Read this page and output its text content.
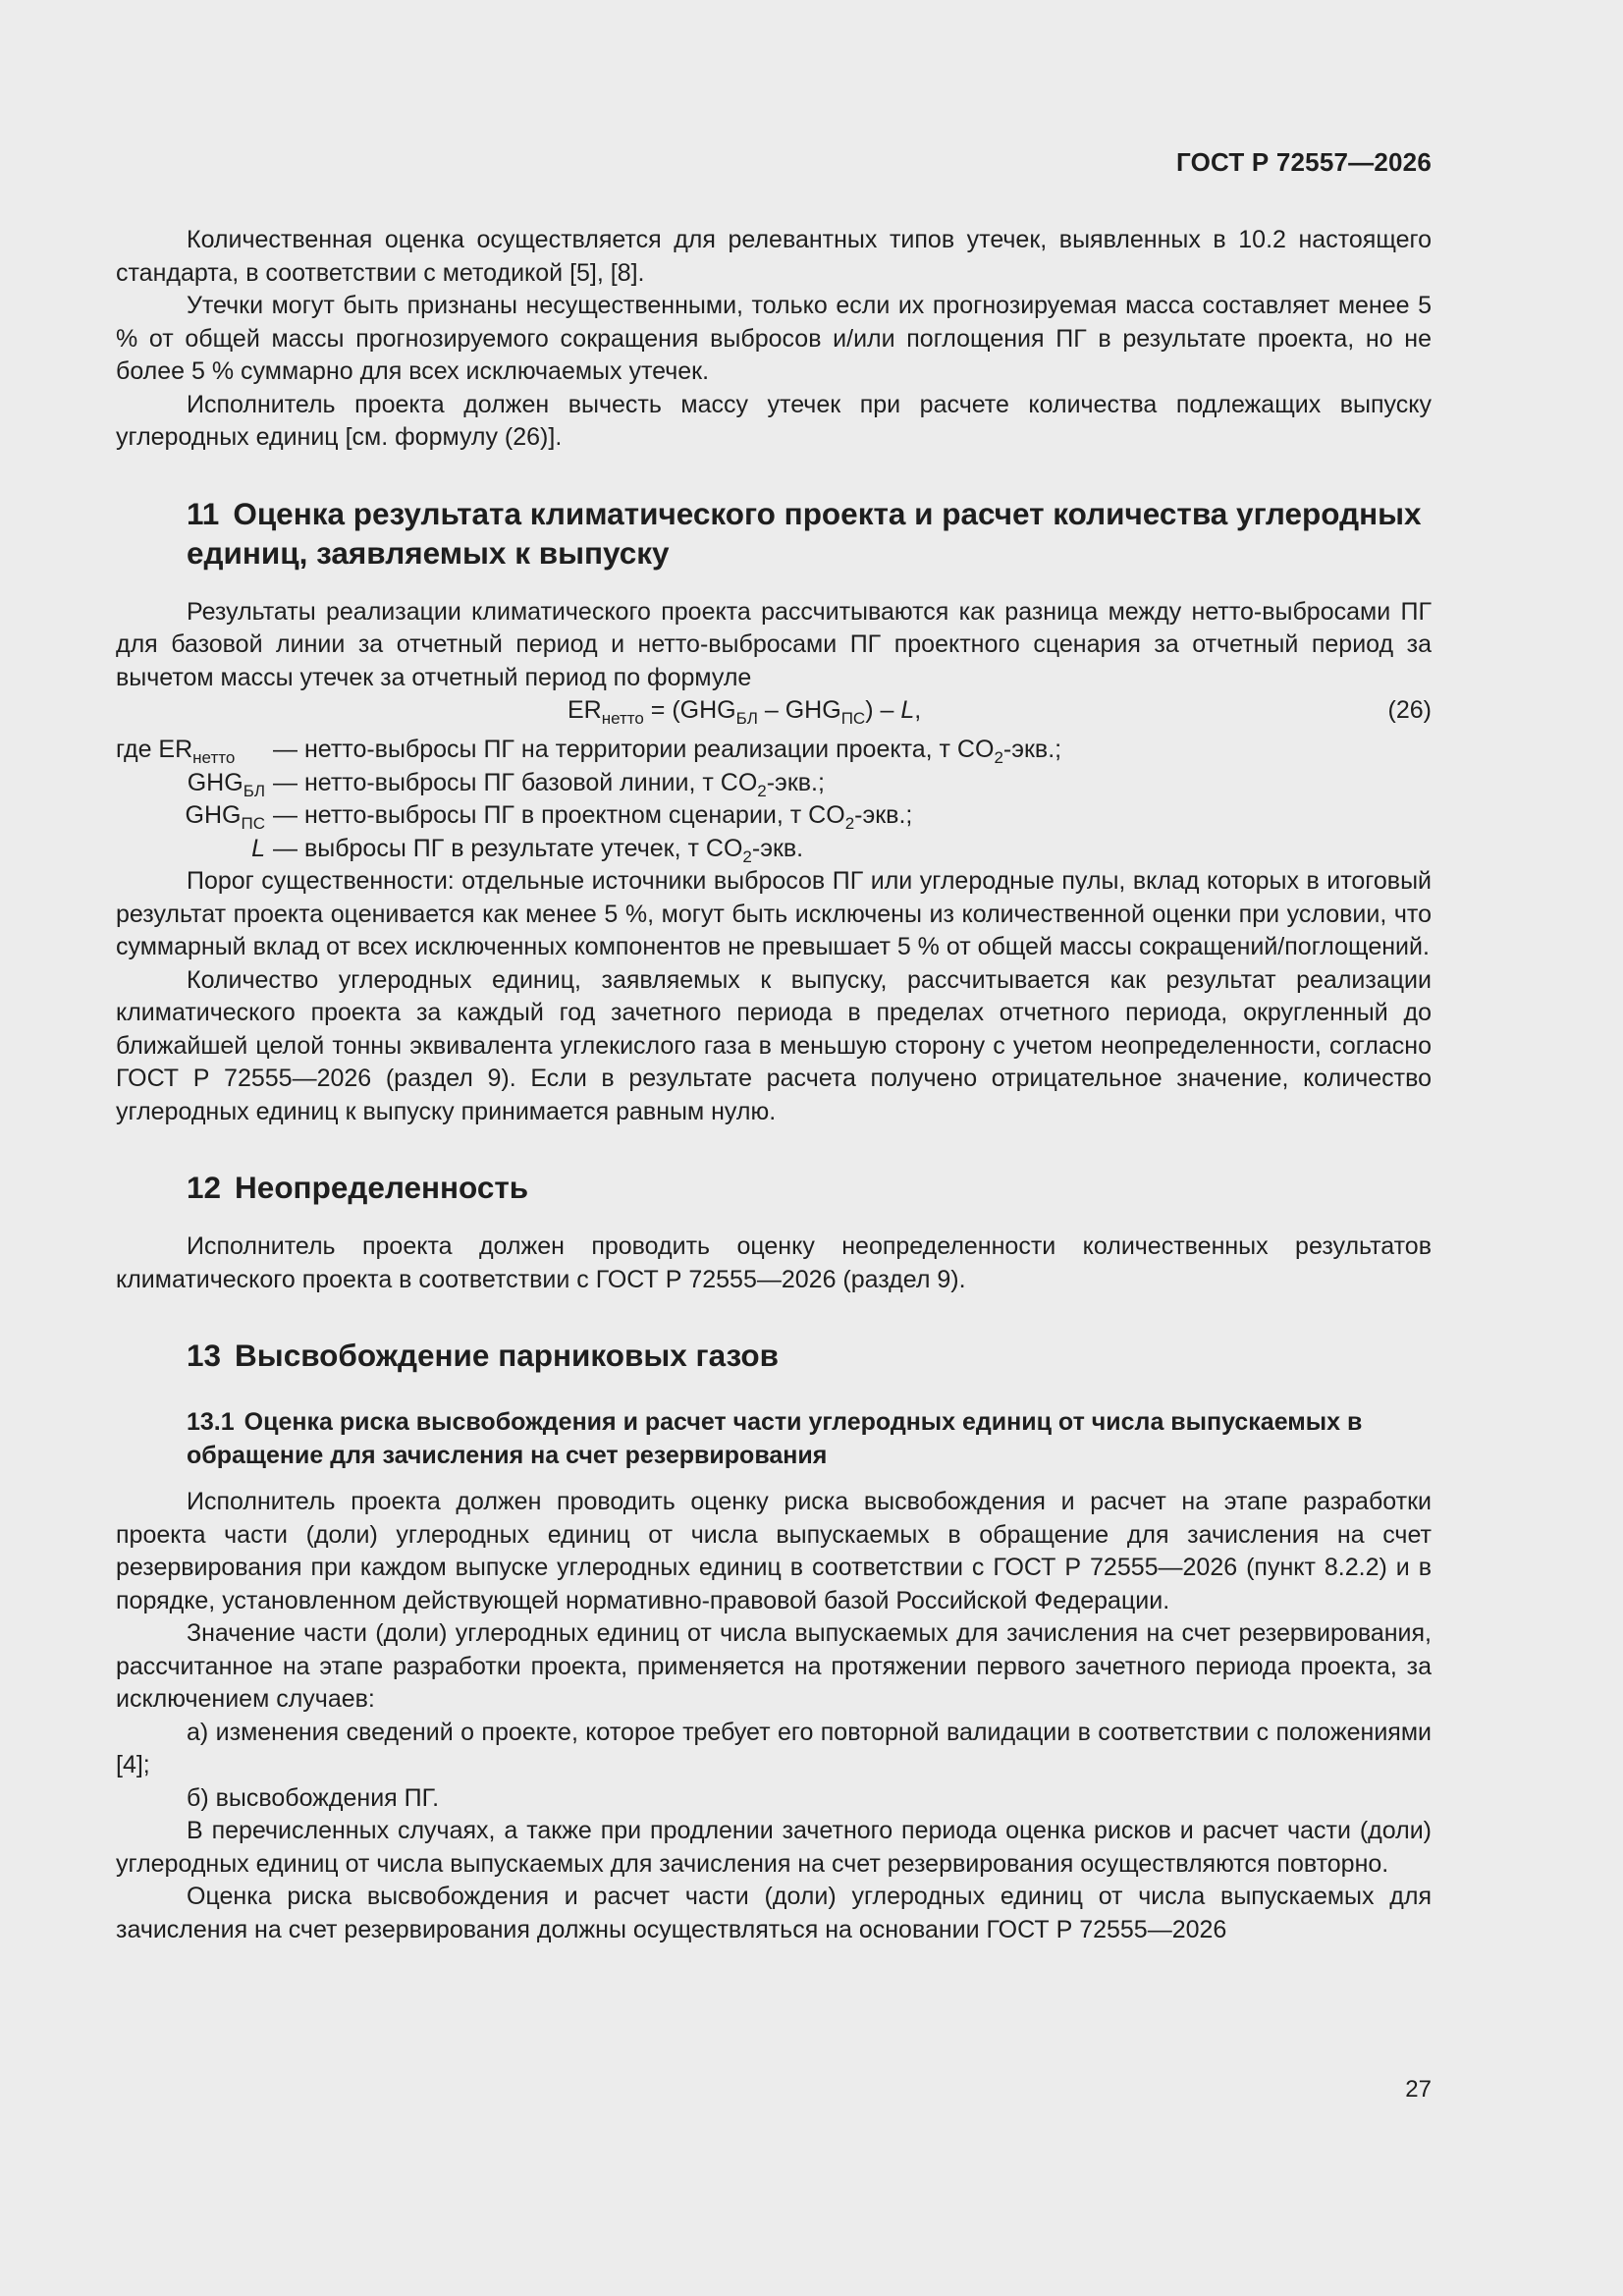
ГОСТ Р 72557—2026

Количественная оценка осуществляется для релевантных типов утечек, выявленных в 10.2 настоящего стандарта, в соответствии с методикой [5], [8].

Утечки могут быть признаны несущественными, только если их прогнозируемая масса составляет менее 5 % от общей массы прогнозируемого сокращения выбросов и/или поглощения ПГ в результате проекта, но не более 5 % суммарно для всех исключаемых утечек.

Исполнитель проекта должен вычесть массу утечек при расчете количества подлежащих выпуску углеродных единиц [см. формулу (26)].

11 Оценка результата климатического проекта и расчет количества углеродных единиц, заявляемых к выпуску

Результаты реализации климатического проекта рассчитываются как разница между нетто-выбросами ПГ для базовой линии за отчетный период и нетто-выбросами ПГ проектного сценария за отчетный период за вычетом массы утечек за отчетный период по формуле

$ER_{нетто} = (GHG_{БЛ} - GHG_{ПС}) - L$,	(26)
где $ER_{нетто}$	— нетто-выбросы ПГ на территории реализации проекта, т $CO_2$-экв.;
$GHG_{БЛ}$ — нетто-выбросы ПГ базовой линии, т $CO_2$-экв.;
$GHG_{ПС}$ — нетто-выбросы ПГ в проектном сценарии, т $CO_2$-экв.;
L — выбросы ПГ в результате утечек, т $CO_2$-экв.

Порог существенности: отдельные источники выбросов ПГ или углеродные пулы, вклад которых в итоговый результат проекта оценивается как менее 5 %, могут быть исключены из количественной оценки при условии, что суммарный вклад от всех исключенных компонентов не превышает 5 % от общей массы сокращений/поглощений.

Количество углеродных единиц, заявляемых к выпуску, рассчитывается как результат реализации климатического проекта за каждый год зачетного периода в пределах отчетного периода, округленный до ближайшей целой тонны эквивалента углекислого газа в меньшую сторону с учетом неопределенности, согласно ГОСТ Р 72555—2026 (раздел 9). Если в результате расчета получено отрицательное значение, количество углеродных единиц к выпуску принимается равным нулю.

12 Неопределенность

Исполнитель проекта должен проводить оценку неопределенности количественных результатов климатического проекта в соответствии с ГОСТ Р 72555—2026 (раздел 9).

13 Высвобождение парниковых газов
13.1 Оценка риска высвобождения и расчет части углеродных единиц от числа выпускаемых в обращение для зачисления на счет резервирования

Исполнитель проекта должен проводить оценку риска высвобождения и расчет на этапе разработки проекта части (доли) углеродных единиц от числа выпускаемых в обращение для зачисления на счет резервирования при каждом выпуске углеродных единиц в соответствии с ГОСТ Р 72555—2026 (пункт 8.2.2) и в порядке, установленном действующей нормативно-правовой базой Российской Федерации.

Значение части (доли) углеродных единиц от числа выпускаемых для зачисления на счет резервирования, рассчитанное на этапе разработки проекта, применяется на протяжении первого зачетного периода проекта, за исключением случаев:

а) изменения сведений о проекте, которое требует его повторной валидации в соответствии с положениями [4];

б) высвобождения ПГ.

В перечисленных случаях, а также при продлении зачетного периода оценка рисков и расчет части (доли) углеродных единиц от числа выпускаемых для зачисления на счет резервирования осуществляются повторно.

Оценка риска высвобождения и расчет части (доли) углеродных единиц от числа выпускаемых для зачисления на счет резервирования должны осуществляться на основании ГОСТ Р 72555—2026

27
